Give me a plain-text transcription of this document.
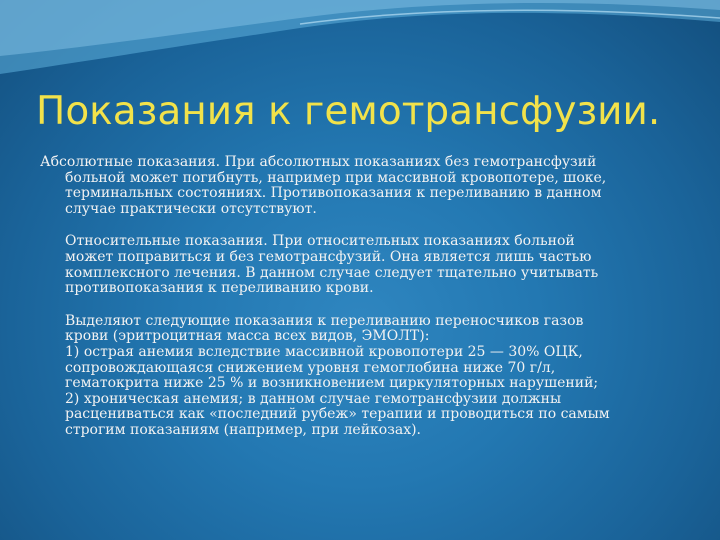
Показания к гемотрансфузии.

Абсолютные показания. При абсолютных показаниях без гемотрансфузий
больной может погибнуть, например при массивной кровопотере, шоке,
терминальных состояниях. Противопоказания к переливанию в данном
случае практически отсутствуют.

Относительные показания. При относительных показаниях больной
может поправиться и без гемотрансфузий. Она является лишь частью
комплексного лечения. В данном случае следует тщательно учитывать
противопоказания к переливанию крови.

Выделяют следующие показания к переливанию переносчиков газов
крови (эритроцитная масса всех видов, ЭМОЛТ):
1) острая анемия вследствие массивной кровопотери 25 — 30% ОЦК,
сопровождающаяся снижением уровня гемоглобина ниже 70 г/л,
гематокрита ниже 25 % и возникновением циркуляторных нарушений;
2) хроническая анемия; в данном случае гемотрансфузии должны
расцениваться как «последний рубеж» терапии и проводиться по самым
строгим показаниям (например, при лейкозах).
